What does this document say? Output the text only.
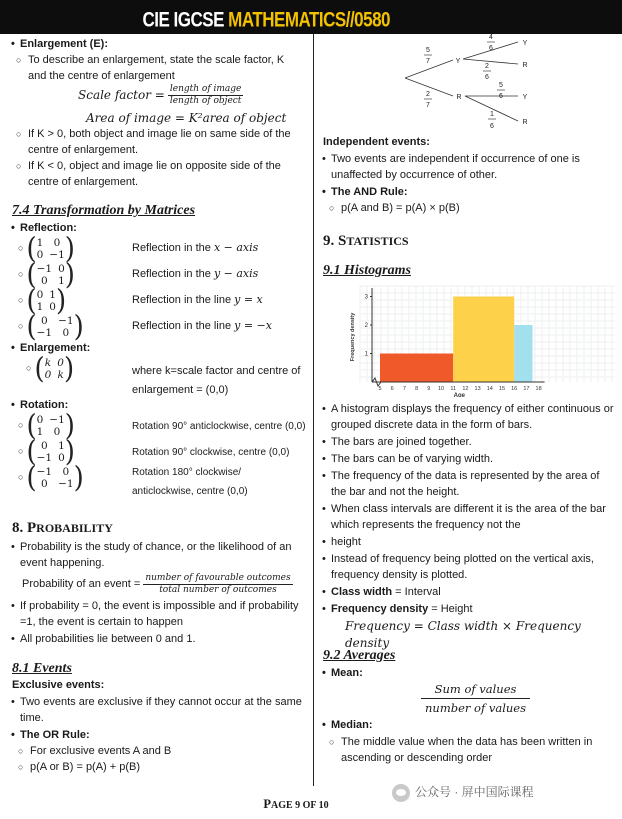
CIE IGCSE MATHEMATICS//0580
• Enlargement (E):
○ To describe an enlargement, state the scale factor, K and the centre of enlargement
Scale factor = $\frac{\text{length of image}}{\text{length of object}}$
Area of image = K²area of object
○ If K > 0, both object and image lie on same side of the centre of enlargement.
○ If K < 0, object and image lie on opposite side of the centre of enlargement.
7.4 Transformation by Matrices
• Reflection:
○ ( 1 0
0 −1 )	Reflection in the x − axis
○ ( −1 0
0 1 )	Reflection in the y − axis
○ ( 0 1
1 0 )	Reflection in the line y = x
○ ( 0 −1
−1 0 )	Reflection in the line y = −x
• Enlargement:
○ ( k 0
0 k )	where k=scale factor and centre of enlargement = (0,0)
• Rotation:
○ ( 0 −1
1 0 )	Rotation 90° anticlockwise, centre (0,0)
○ ( 0 1
−1 0 )	Rotation 90° clockwise, centre (0,0)
○ ( −1 0
0 −1 )	Rotation 180° clockwise/ anticlockwise, centre (0,0)
8. PROBABILITY
• Probability is the study of chance, or the likelihood of an event happening.
Probability of an event = $\frac{\text{number of favourable outcomes}}{\text{total number of outcomes}}$
• If probability = 0, the event is impossible and if probability =1, the event is certain to happen
• All probabilities lie between 0 and 1.
8.1 Events
Exclusive events:
• Two events are exclusive if they cannot occur at the same time.
• The OR Rule:
○ For exclusive events A and B
○ p(A or B) = p(A) + p(B)
5
7
2
7
4
6
2
6
5
6
1
6
Y
R
Y
R
Y
R
Independent events:
• Two events are independent if occurrence of one is unaffected by occurrence of other.
• The AND Rule:
○ p(A and B) = p(A) × p(B)
9. STATISTICS
9.1 Histograms
5 6 7 8 9 10 11 12 13 14 15 16 17 18
1
2
3
Age
Frequency density
• A histogram displays the frequency of either continuous or grouped discrete data in the form of bars.
• The bars are joined together.
• The bars can be of varying width.
• The frequency of the data is represented by the area of the bar and not the height.
• When class intervals are different it is the area of the bar which represents the frequency not the
• height
• Instead of frequency being plotted on the vertical axis, frequency density is plotted.
• Class width = Interval
• Frequency density = Height
Frequency = Class width × Frequency density
9.2 Averages
• Mean:
Sum of values
number of values
• Median:
○ The middle value when the data has been written in ascending or descending order
PAGE 9 OF 10
公众号 · 屏中国际课程
